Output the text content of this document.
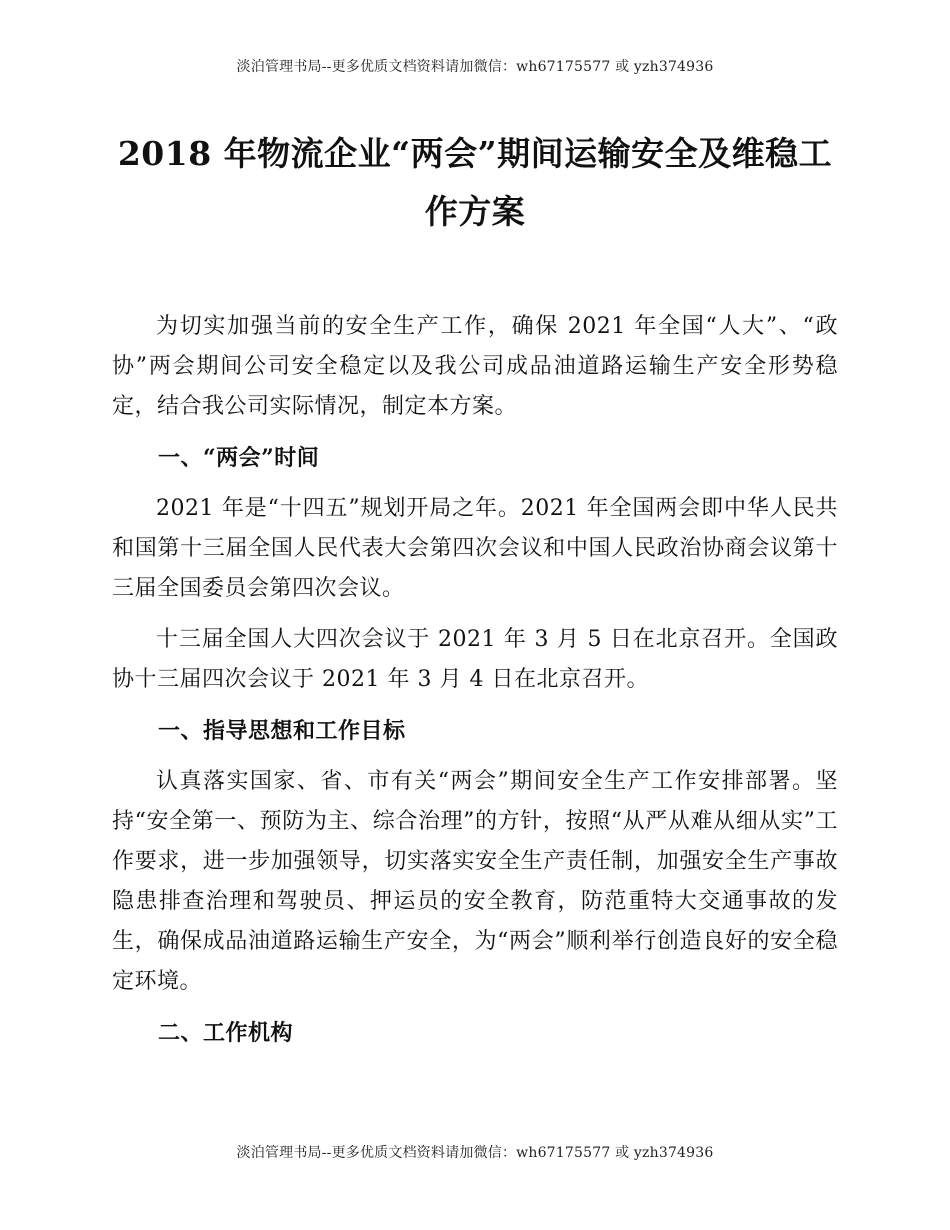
淡泊管理书局--更多优质文档资料请加微信：wh67175577 或 yzh374936
2018 年物流企业“两会”期间运输安全及维稳工
作方案

为切实加强当前的安全生产工作，确保 2021 年全国“人大”、“政协”两会期间公司安全稳定以及我公司成品油道路运输生产安全形势稳定，结合我公司实际情况，制定本方案。

一、“两会”时间

2021 年是“十四五”规划开局之年。2021 年全国两会即中华人民共和国第十三届全国人民代表大会第四次会议和中国人民政治协商会议第十三届全国委员会第四次会议。

十三届全国人大四次会议于 2021 年 3 月 5 日在北京召开。全国政协十三届四次会议于 2021 年 3 月 4 日在北京召开。

一、指导思想和工作目标

认真落实国家、省、市有关“两会”期间安全生产工作安排部署。坚持“安全第一、预防为主、综合治理”的方针，按照“从严从难从细从实”工作要求，进一步加强领导，切实落实安全生产责任制，加强安全生产事故隐患排查治理和驾驶员、押运员的安全教育，防范重特大交通事故的发生，确保成品油道路运输生产安全，为“两会”顺利举行创造良好的安全稳定环境。

二、工作机构
淡泊管理书局--更多优质文档资料请加微信：wh67175577 或 yzh374936
